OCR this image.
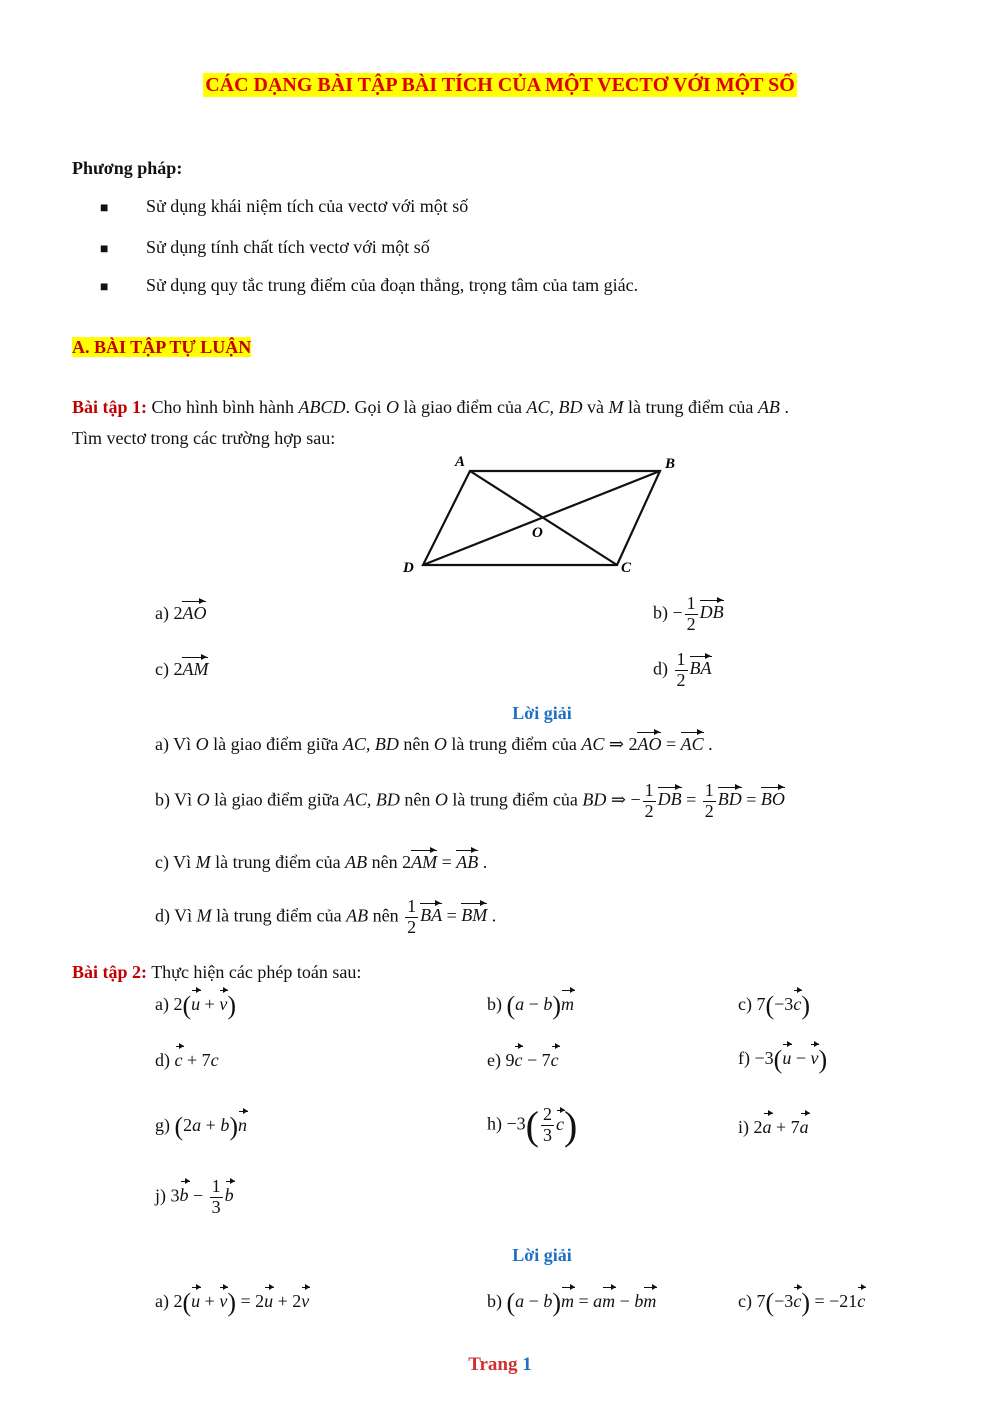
CÁC DẠNG BÀI TẬP BÀI TÍCH CỦA MỘT VECTƠ VỚI MỘT SỐ
Phương pháp:
■ Sử dụng khái niệm tích của vectơ với một số
■ Sử dụng tính chất tích vectơ với một số
■ Sử dụng quy tắc trung điểm của đoạn thẳng, trọng tâm của tam giác.
A. BÀI TẬP TỰ LUẬN
Bài tập 1: Cho hình bình hành ABCD. Gọi O là giao điểm của AC, BD và M là trung điểm của AB .
Tìm vectơ trong các trường hợp sau:
A	B
C
D
O
a) 2AO	$b) - \frac{1}{2}$ DB
c) 2AM	$d) \frac{1}{2}$ BA
Lời giải
a) Vì O là giao điểm giữa AC, BD nên O là trung điểm của AC ⇒ 2AO = AC .
b) Vì O là giao điểm giữa AC, BD nên O là trung điểm của BD ⇒ − $\frac{1}{2}$ DB = $\frac{1}{2}$ BD = BO
c) Vì M là trung điểm của AB nên 2AM = AB .
d) Vì M là trung điểm của AB nên $\frac{1}{2}$ BA = BM .
Bài tập 2: Thực hiện các phép toán sau:
a) 2(u + v)	b) (a − b)m	c) 7(−3c)
d) c + 7c	e) 9c − 7c	f) −3(u − v)
g) (2a + b)n	$h) -3( \frac{2}{3} c)$	i) 2a + 7a
j) $3b - \frac{1}{3}$ b
Lời giải
a) 2(u + v) = 2u + 2v	b) (a − b)m = am − bm	c) 7(−3c) = −21c
Trang 1
